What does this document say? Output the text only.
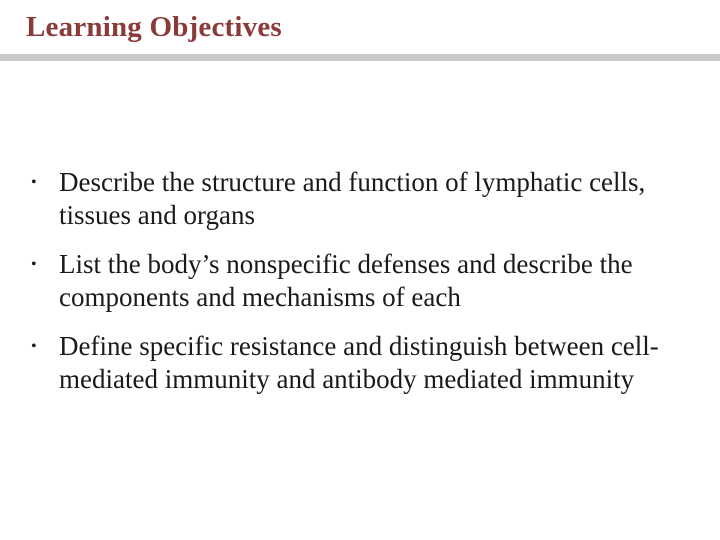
Learning Objectives
• Describe the structure and function of lymphatic cells, tissues and organs
• List the body’s nonspecific defenses and describe the components and mechanisms of each
• Define specific resistance and distinguish between cell-mediated immunity and antibody mediated immunity
